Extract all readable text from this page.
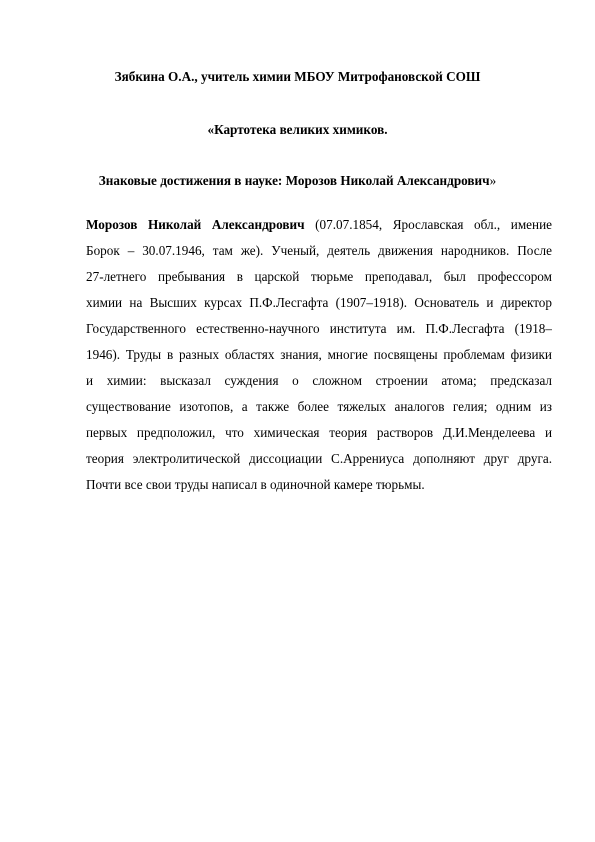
Зябкина О.А., учитель химии МБОУ Митрофановской СОШ
«Картотека великих химиков.
Знаковые достижения в науке: Морозов Николай Александрович»
Морозов Николай Александрович (07.07.1854, Ярославская обл., имение
Борок – 30.07.1946, там же). Ученый, деятель движения народников. После
27-летнего пребывания в царской тюрьме преподавал, был профессором
химии на Высших курсах П.Ф.Лесгафта (1907–1918). Основатель и директор
Государственного естественно-научного института им. П.Ф.Лесгафта (1918–
1946). Труды в разных областях знания, многие посвящены проблемам физики
и химии: высказал суждения о сложном строении атома; предсказал
существование изотопов, а также более тяжелых аналогов гелия; одним из
первых предположил, что химическая теория растворов Д.И.Менделеева и
теория электролитической диссоциации С.Аррениуса дополняют друг друга.
Почти все свои труды написал в одиночной камере тюрьмы.
